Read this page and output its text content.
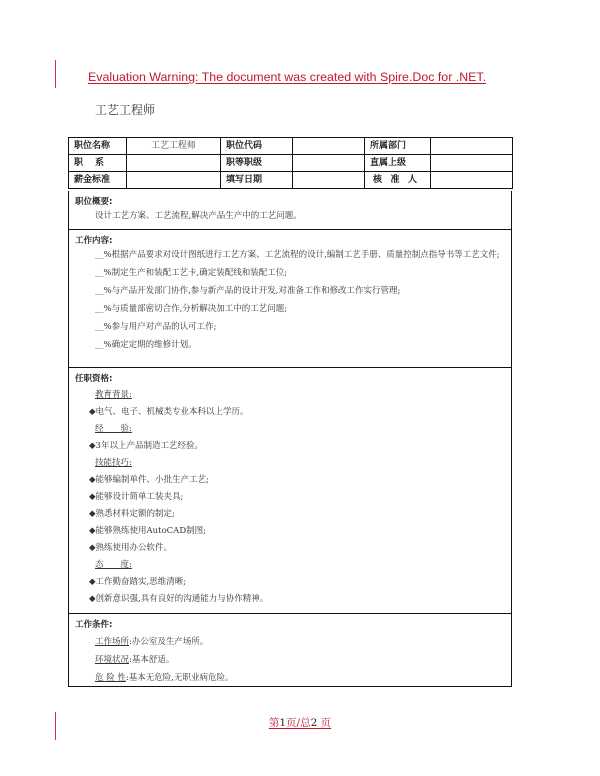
Evaluation Warning: The document was created with Spire.Doc for .NET.
工艺工程师
职位名称	工艺工程师	职位代码		所属部门	

职 系		职等职级		直属上级	
薪金标准		填写日期		核 准 人	

职位概要:
设计工艺方案、工艺流程,解决产品生产中的工艺问题。
工作内容:
__%根据产品要求对设计图纸进行工艺方案、工艺流程的设计,编制工艺手册、质量控制点指导书等工艺文件;
__%制定生产和装配工艺卡,确定装配线和装配工位;
__%与产品开发部门协作,参与新产品的设计开发,对准备工作和修改工作实行管理;
__%与质量部密切合作,分析解决加工中的工艺问题;
__%参与用户对产品的认可工作;
__%确定定期的维修计划。
任职资格:
教育背景:
◆电气、电子、机械类专业本科以上学历。
经　　验:
◆3年以上产品制造工艺经验。
技能技巧:
◆能够编制单件、小批生产工艺;
◆能够设计简单工装夹具;
◆熟悉材料定额的制定;
◆能够熟练使用AutoCAD制图;
◆熟练使用办公软件。
态　　度:
◆工作勤奋踏实,思维清晰;
◆创新意识强,具有良好的沟通能力与协作精神。
工作条件:
工作场所:办公室及生产场所。
环境状况:基本舒适。
危 险 性:基本无危险,无职业病危险。
第1页/总2 页
